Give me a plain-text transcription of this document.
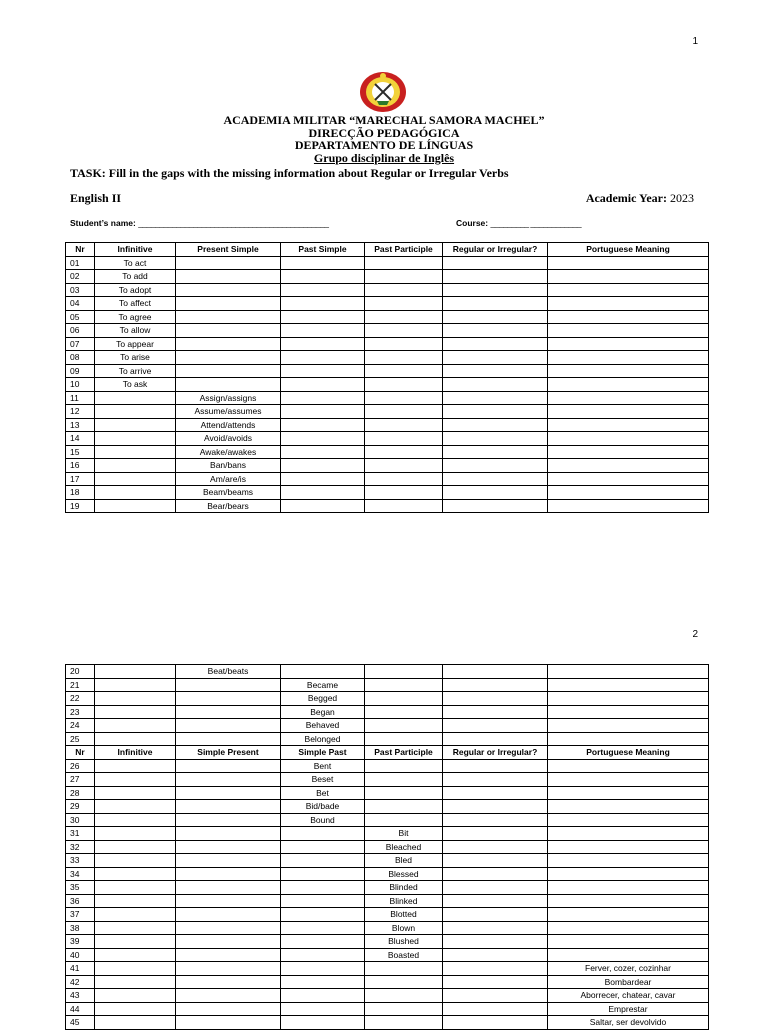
1

ACADEMIA MILITAR “MARECHAL SAMORA MACHEL”

DIRECÇÃO PEDAGÓGICA

DEPARTAMENTO DE LÍNGUAS

Grupo disciplinar de Inglês

TASK: Fill in the gaps with the missing information about Regular or Irregular Verbs
English II	Academic Year: 2023
Student’s name: _____________________________________________	Course: _________ ____________
Nr	Infinitive	Present Simple	Past Simple	Past Participle	Regular or Irregular?	Portuguese Meaning
01	To act					
02	To add					
03	To adopt					
04	To affect					
05	To agree					
06	To allow					
07	To appear					
08	To arise					
09	To arrive					
10	To ask					
11		Assign/assigns				
12		Assume/assumes				
13		Attend/attends				
14		Avoid/avoids				
15		Awake/awakes				
16		Ban/bans				
17		Am/are/is				
18		Beam/beams				
19		Bear/bears				
2
20		Beat/beats				
21			Became			
22			Begged			
23			Began			
24			Behaved			
25			Belonged			
Nr	Infinitive	Simple Present	Simple Past	Past Participle	Regular or Irregular?	Portuguese Meaning
26			Bent			
27			Beset			
28			Bet			
29			Bid/bade			
30			Bound			
31				Bit		
32				Bleached		
33				Bled		
34				Blessed		
35				Blinded		
36				Blinked		
37				Blotted		
38				Blown		
39				Blushed		
40				Boasted		
41						Ferver, cozer, cozinhar
42						Bombardear
43						Aborrecer, chatear, cavar
44						Emprestar
45						Saltar, ser devolvido
